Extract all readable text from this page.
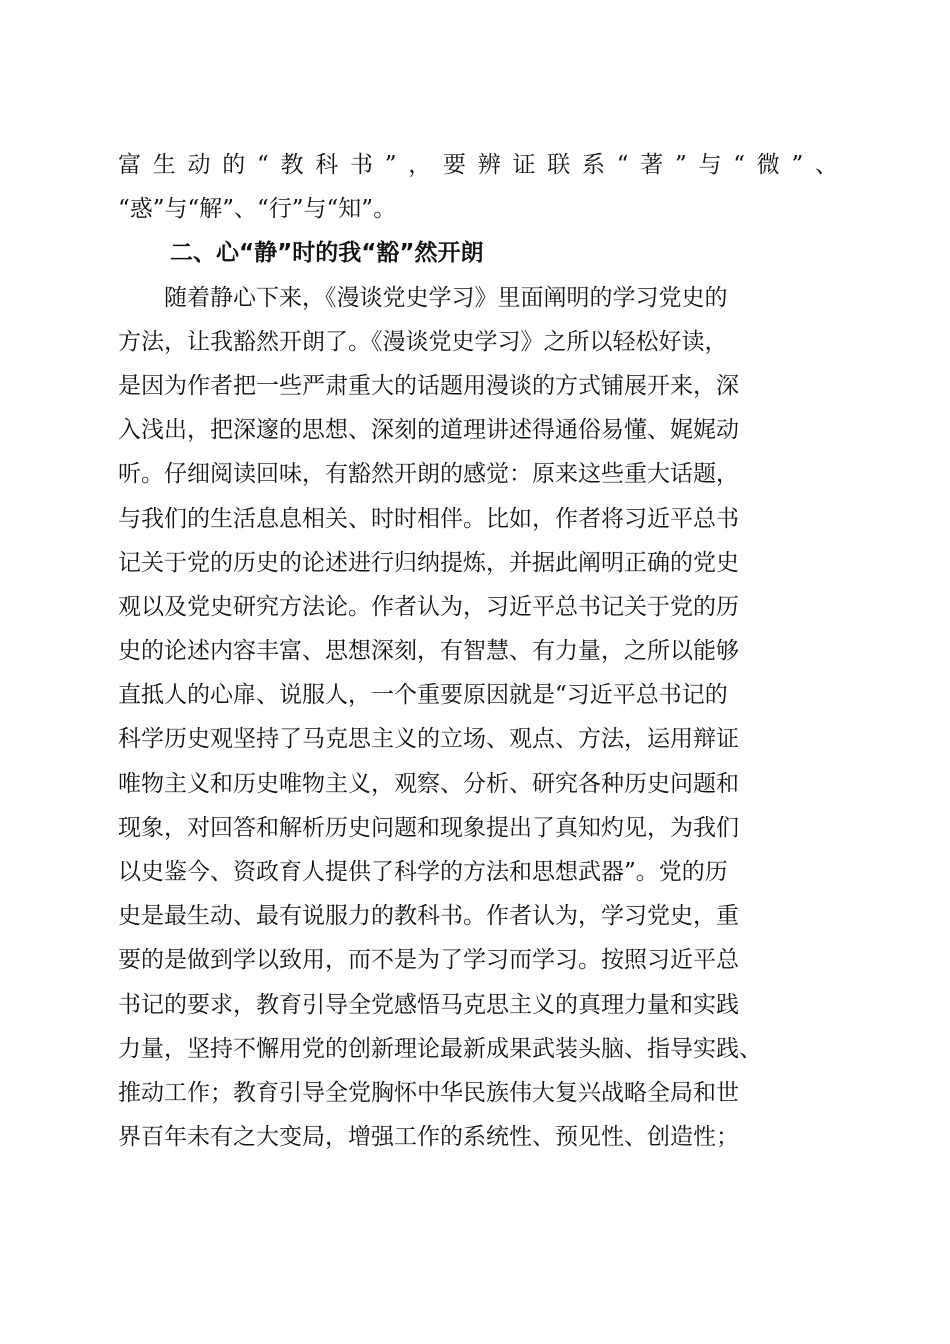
富生动的“教科书”，要辨证联系“著”与“微”、
“惑”与“解”、“行”与“知”。
二、心“静”时的我“豁”然开朗
随着静心下来，《漫谈党史学习》里面阐明的学习党史的
方法，让我豁然开朗了。《漫谈党史学习》之所以轻松好读，
是因为作者把一些严肃重大的话题用漫谈的方式铺展开来，深
入浅出，把深邃的思想、深刻的道理讲述得通俗易懂、娓娓动
听。仔细阅读回味，有豁然开朗的感觉：原来这些重大话题，
与我们的生活息息相关、时时相伴。比如，作者将习近平总书
记关于党的历史的论述进行归纳提炼，并据此阐明正确的党史
观以及党史研究方法论。作者认为，习近平总书记关于党的历
史的论述内容丰富、思想深刻，有智慧、有力量，之所以能够
直抵人的心扉、说服人，一个重要原因就是“习近平总书记的
科学历史观坚持了马克思主义的立场、观点、方法，运用辩证
唯物主义和历史唯物主义，观察、分析、研究各种历史问题和
现象，对回答和解析历史问题和现象提出了真知灼见，为我们
以史鉴今、资政育人提供了科学的方法和思想武器”。党的历
史是最生动、最有说服力的教科书。作者认为，学习党史，重
要的是做到学以致用，而不是为了学习而学习。按照习近平总
书记的要求，教育引导全党感悟马克思主义的真理力量和实践
力量，坚持不懈用党的创新理论最新成果武装头脑、指导实践、
推动工作；教育引导全党胸怀中华民族伟大复兴战略全局和世
界百年未有之大变局，增强工作的系统性、预见性、创造性；
